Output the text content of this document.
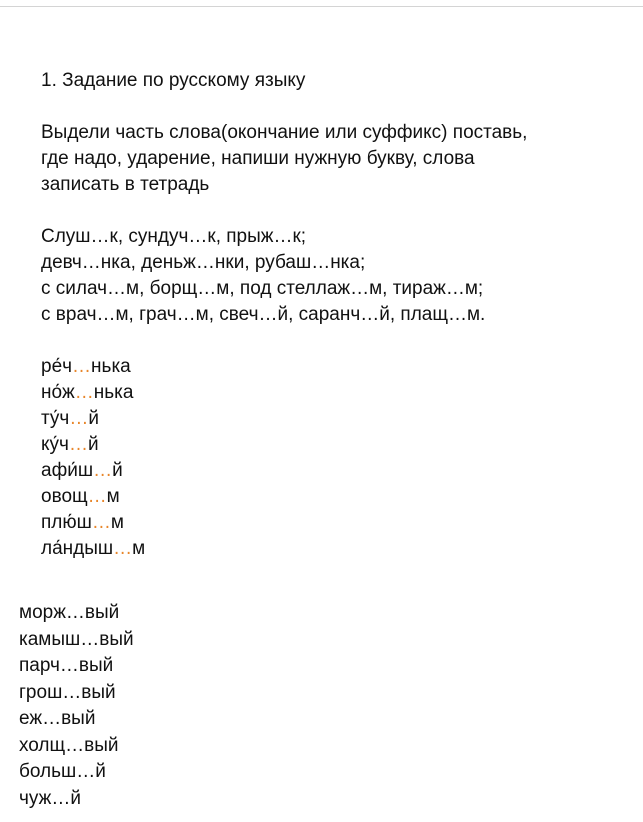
1. Задание по русскому языку
Выдели часть слова(окончание или суффикс) поставь,
где надо, ударение, напиши нужную букву, слова
записать в тетрадь
Слуш…к, сундуч…к, прыж…к;
девч…нка, деньж…нки, рубаш…нка;
с силач…м, борщ…м, под стеллаж…м, тираж…м;
с врач…м, грач…м, свеч…й, саранч…й, плащ…м.
ре́ч…нька
но́ж…нька
ту́ч…й
ку́ч…й
афи́ш…й
овощ…м
плю́ш…м
ла́ндыш…м
морж…вый
камыш…вый
парч…вый
грош…вый
еж…вый
холщ…вый
больш…й
чуж…й
